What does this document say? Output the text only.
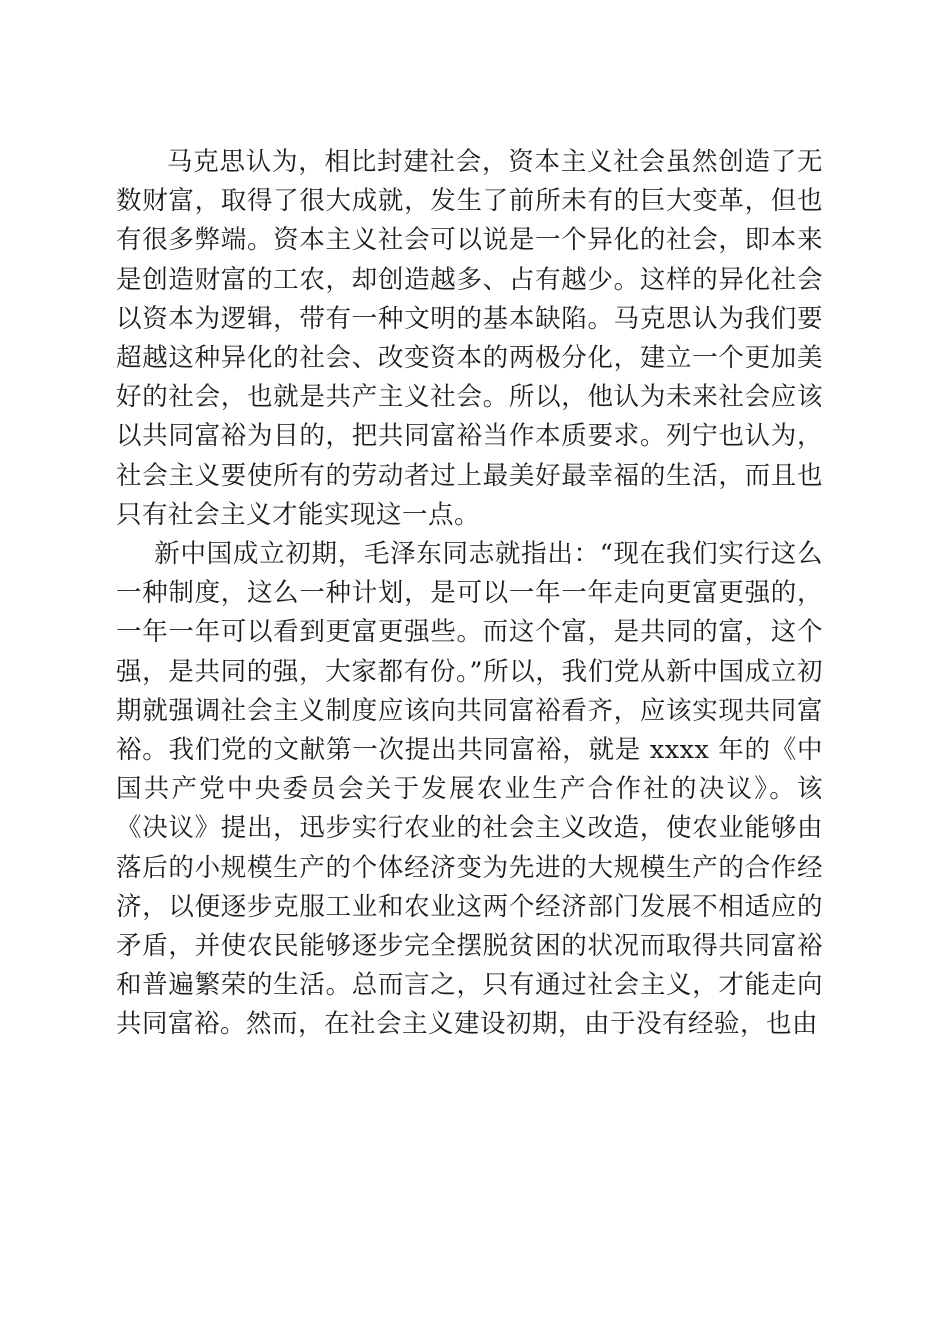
马克思认为，相比封建社会，资本主义社会虽然创造了无数财富，取得了很大成就，发生了前所未有的巨大变革，但也有很多弊端。资本主义社会可以说是一个异化的社会，即本来是创造财富的工农，却创造越多、占有越少。这样的异化社会以资本为逻辑，带有一种文明的基本缺陷。马克思认为我们要超越这种异化的社会、改变资本的两极分化，建立一个更加美好的社会，也就是共产主义社会。所以，他认为未来社会应该以共同富裕为目的，把共同富裕当作本质要求。列宁也认为，社会主义要使所有的劳动者过上最美好最幸福的生活，而且也只有社会主义才能实现这一点。

新中国成立初期，毛泽东同志就指出：“现在我们实行这么一种制度，这么一种计划，是可以一年一年走向更富更强的，一年一年可以看到更富更强些。而这个富，是共同的富，这个强，是共同的强，大家都有份。”所以，我们党从新中国成立初期就强调社会主义制度应该向共同富裕看齐，应该实现共同富裕。我们党的文献第一次提出共同富裕，就是 xxxx 年的《中国共产党中央委员会关于发展农业生产合作社的决议》。该《决议》提出，迅步实行农业的社会主义改造，使农业能够由落后的小规模生产的个体经济变为先进的大规模生产的合作经济，以便逐步克服工业和农业这两个经济部门发展不相适应的矛盾，并使农民能够逐步完全摆脱贫困的状况而取得共同富裕和普遍繁荣的生活。总而言之，只有通过社会主义，才能走向共同富裕。然而，在社会主义建设初期，由于没有经验，也由
